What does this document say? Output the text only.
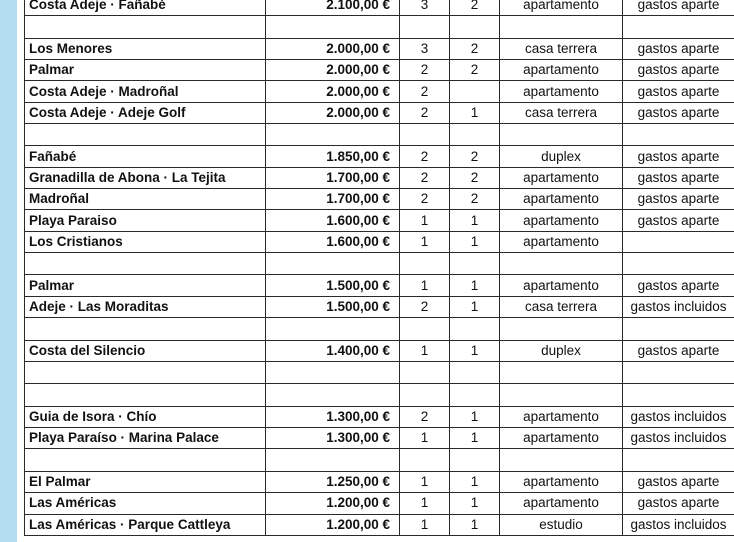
Costa Adeje · Fañabé	2.100,00 €	3	2	apartamento	gastos aparte

Los Menores	2.000,00 €	3	2	casa terrera	gastos aparte
Palmar	2.000,00 €	2	2	apartamento	gastos aparte
Costa Adeje · Madroñal	2.000,00 €	2		apartamento	gastos aparte
Costa Adeje · Adeje Golf	2.000,00 €	2	1	casa terrera	gastos aparte

Fañabé	1.850,00 €	2	2	duplex	gastos aparte
Granadilla de Abona · La Tejita	1.700,00 €	2	2	apartamento	gastos aparte
Madroñal	1.700,00 €	2	2	apartamento	gastos aparte
Playa Paraiso	1.600,00 €	1	1	apartamento	gastos aparte
Los Cristianos	1.600,00 €	1	1	apartamento	

Palmar	1.500,00 €	1	1	apartamento	gastos aparte
Adeje · Las Moraditas	1.500,00 €	2	1	casa terrera	gastos incluidos

Costa del Silencio	1.400,00 €	1	1	duplex	gastos aparte

Guia de Isora · Chío	1.300,00 €	2	1	apartamento	gastos incluidos
Playa Paraíso · Marina Palace	1.300,00 €	1	1	apartamento	gastos incluidos

El Palmar	1.250,00 €	1	1	apartamento	gastos aparte
Las Américas	1.200,00 €	1	1	apartamento	gastos aparte
Las Américas · Parque Cattleya	1.200,00 €	1	1	estudio	gastos incluidos
